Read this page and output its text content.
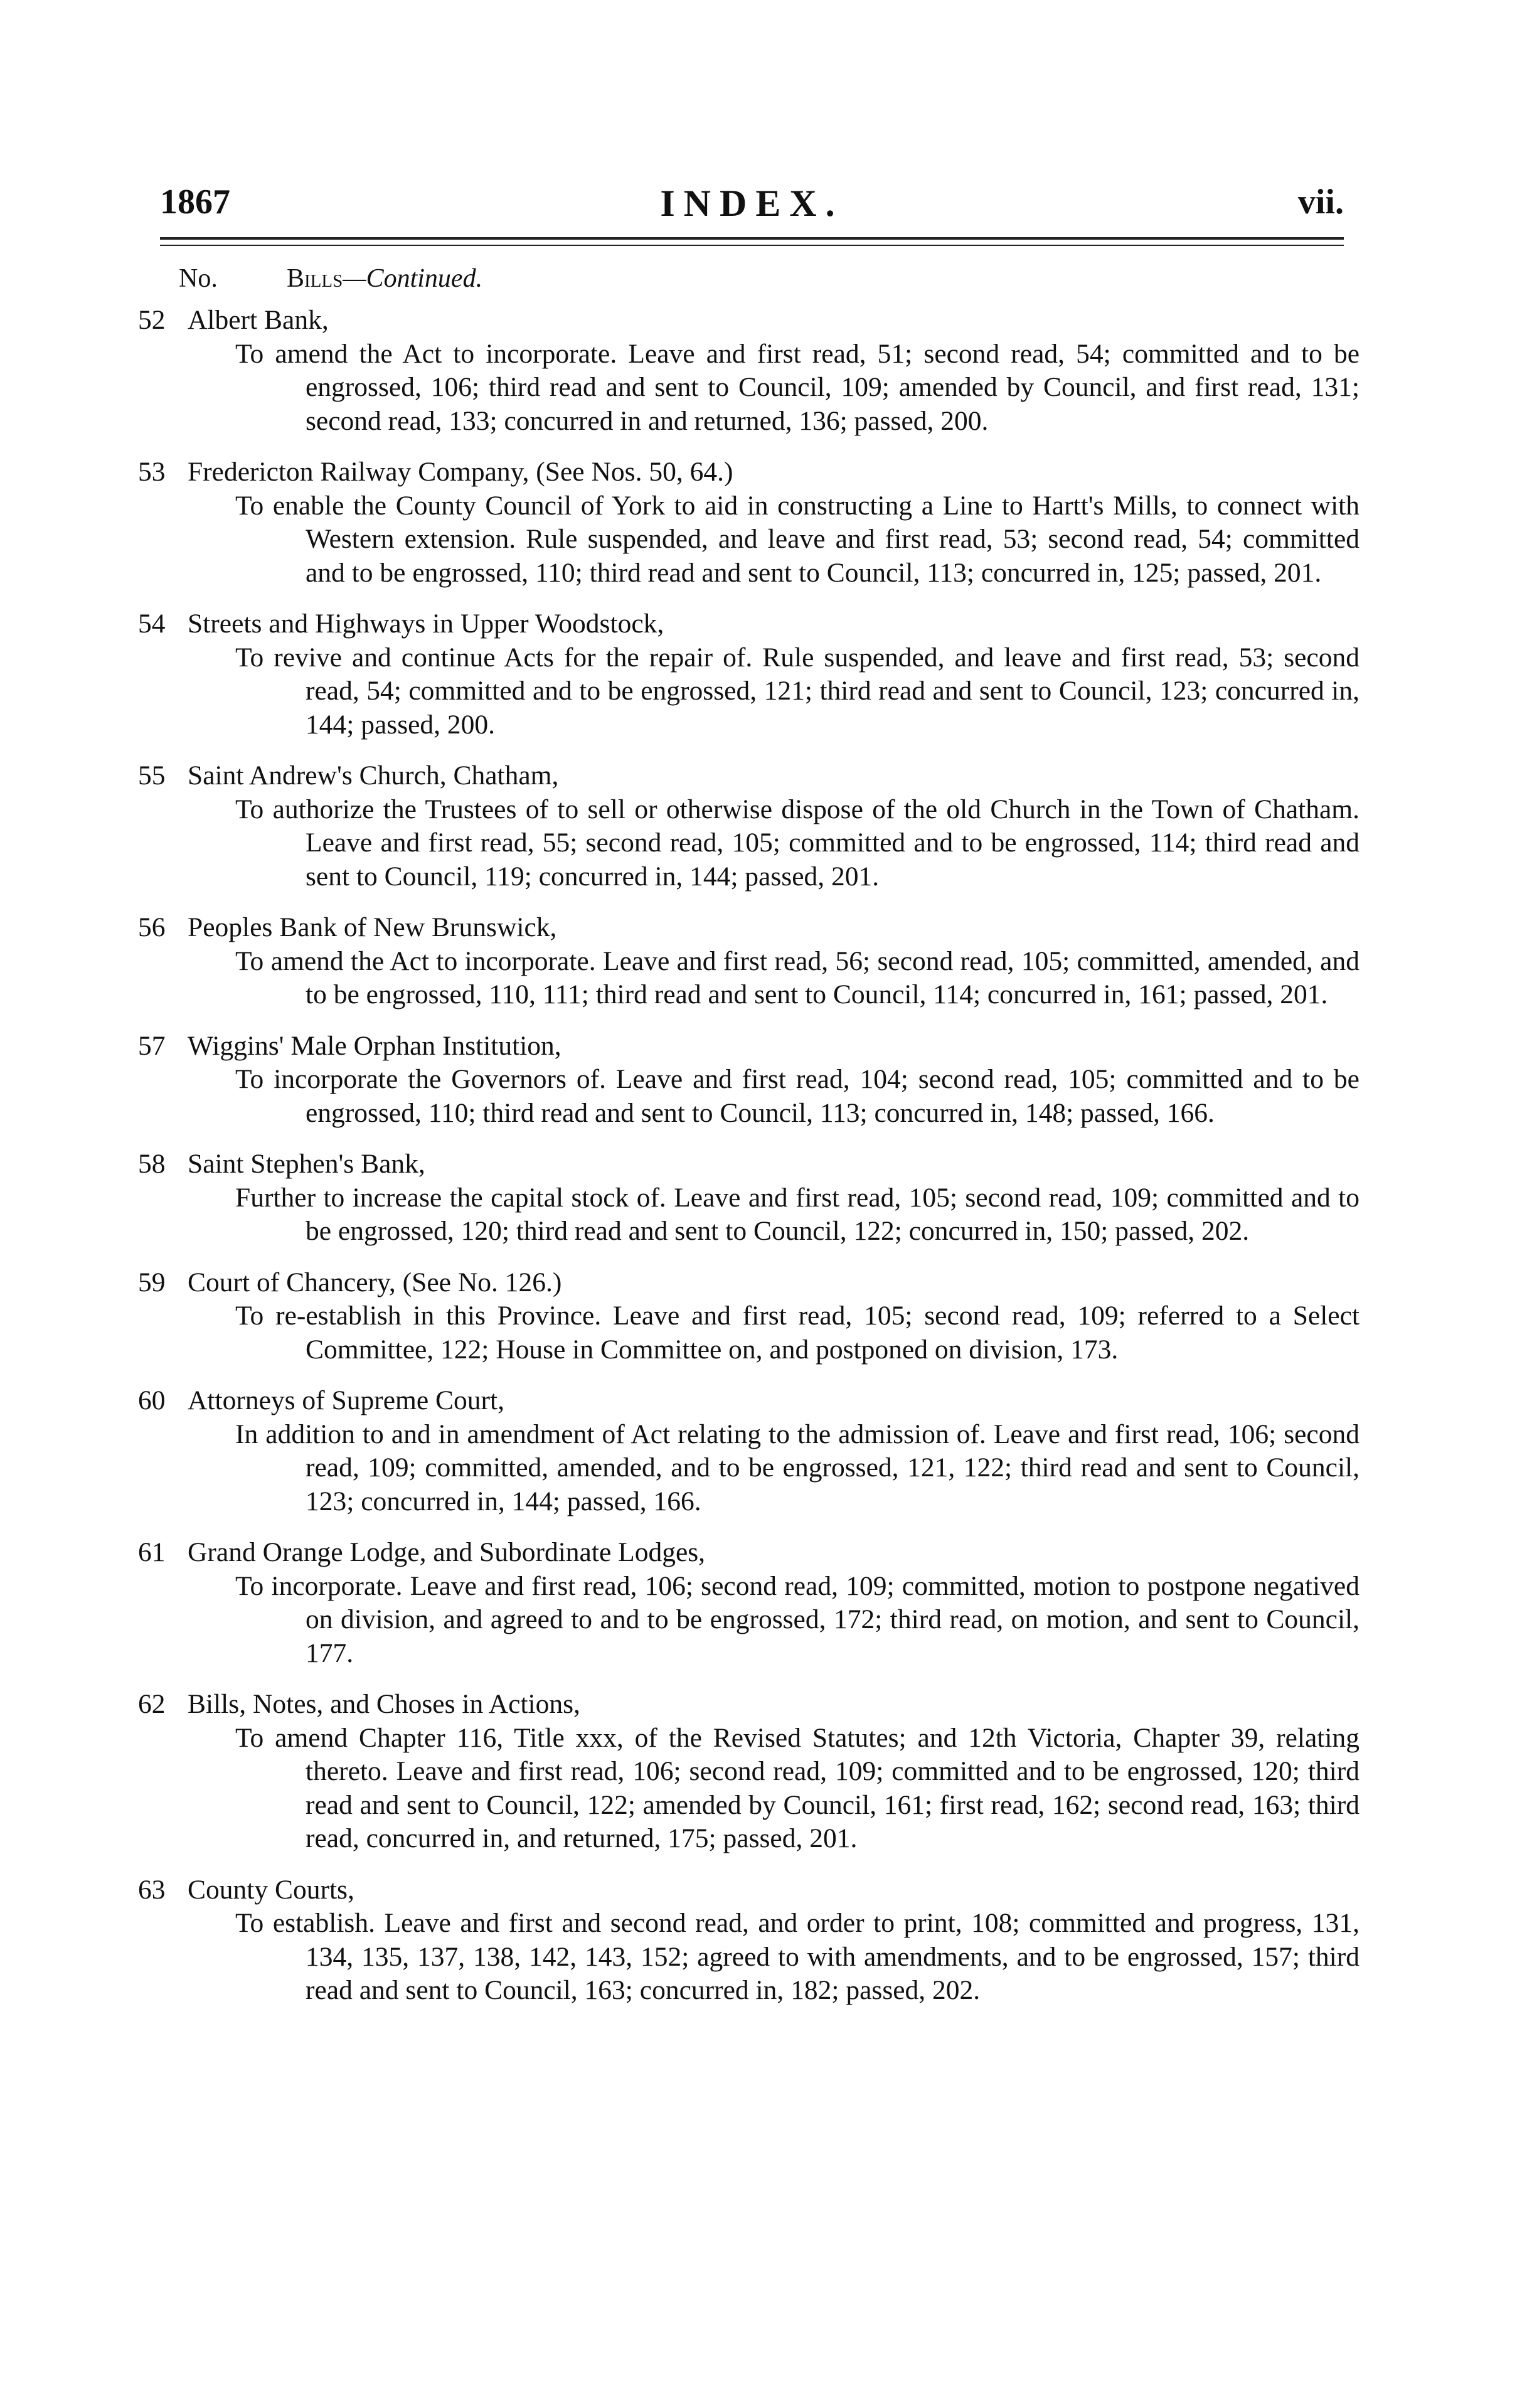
1867	INDEX.	vii.
No.	Bills—Continued.
52 Albert Bank,
To amend the Act to incorporate. Leave and first read, 51; second read, 54; committed and to be engrossed, 106; third read and sent to Council, 109; amended by Council, and first read, 131; second read, 133; concurred in and returned, 136; passed, 200.
53 Fredericton Railway Company, (See Nos. 50, 64.)
To enable the County Council of York to aid in constructing a Line to Hartt's Mills, to connect with Western extension. Rule suspended, and leave and first read, 53; second read, 54; committed and to be engrossed, 110; third read and sent to Council, 113; concurred in, 125; passed, 201.
54 Streets and Highways in Upper Woodstock,
To revive and continue Acts for the repair of. Rule suspended, and leave and first read, 53; second read, 54; committed and to be engrossed, 121; third read and sent to Council, 123; concurred in, 144; passed, 200.
55 Saint Andrew's Church, Chatham,
To authorize the Trustees of to sell or otherwise dispose of the old Church in the Town of Chatham. Leave and first read, 55; second read, 105; committed and to be engrossed, 114; third read and sent to Council, 119; concurred in, 144; passed, 201.
56 Peoples Bank of New Brunswick,
To amend the Act to incorporate. Leave and first read, 56; second read, 105; committed, amended, and to be engrossed, 110, 111; third read and sent to Council, 114; concurred in, 161; passed, 201.
57 Wiggins' Male Orphan Institution,
To incorporate the Governors of. Leave and first read, 104; second read, 105; committed and to be engrossed, 110; third read and sent to Council, 113; concurred in, 148; passed, 166.
58 Saint Stephen's Bank,
Further to increase the capital stock of. Leave and first read, 105; second read, 109; committed and to be engrossed, 120; third read and sent to Council, 122; concurred in, 150; passed, 202.
59 Court of Chancery, (See No. 126.)
To re-establish in this Province. Leave and first read, 105; second read, 109; referred to a Select Committee, 122; House in Committee on, and postponed on division, 173.
60 Attorneys of Supreme Court,
In addition to and in amendment of Act relating to the admission of. Leave and first read, 106; second read, 109; committed, amended, and to be engrossed, 121, 122; third read and sent to Council, 123; concurred in, 144; passed, 166.
61 Grand Orange Lodge, and Subordinate Lodges,
To incorporate. Leave and first read, 106; second read, 109; committed, motion to postpone negatived on division, and agreed to and to be engrossed, 172; third read, on motion, and sent to Council, 177.
62 Bills, Notes, and Choses in Actions,
To amend Chapter 116, Title xxx, of the Revised Statutes; and 12th Victoria, Chapter 39, relating thereto. Leave and first read, 106; second read, 109; committed and to be engrossed, 120; third read and sent to Council, 122; amended by Council, 161; first read, 162; second read, 163; third read, concurred in, and returned, 175; passed, 201.
63 County Courts,
To establish. Leave and first and second read, and order to print, 108; committed and progress, 131, 134, 135, 137, 138, 142, 143, 152; agreed to with amendments, and to be engrossed, 157; third read and sent to Council, 163; concurred in, 182; passed, 202.
